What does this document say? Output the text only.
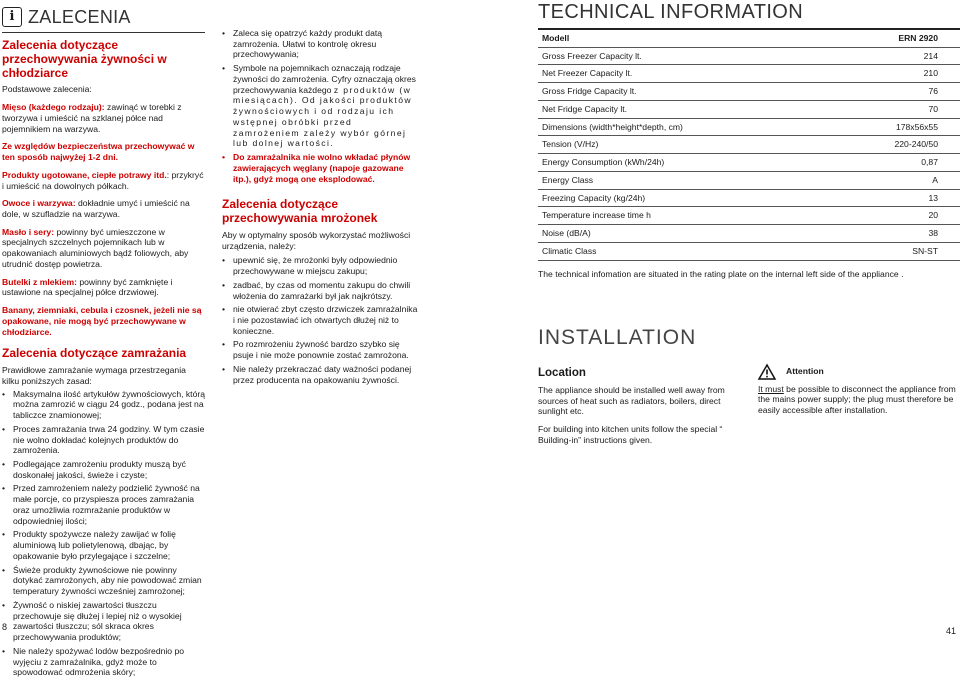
i ZALECENIA
Zalecenia dotyczące przechowywania żywności w chłodziarce

Podstawowe zalecenia:

Mięso (każdego rodzaju): zawinąć w torebki z tworzywa i umieścić na szklanej półce nad pojemnikiem na warzywa.

Ze względów bezpieczeństwa przechowywać w ten sposób najwyżej 1-2 dni.

Produkty ugotowane, ciepłe potrawy itd.: przykryć i umieścić na dowolnych półkach.

Owoce i warzywa: dokładnie umyć i umieścić na dole, w szufladzie na warzywa.

Masło i sery: powinny być umieszczone w specjalnych szczelnych pojemnikach lub w opakowaniach aluminiowych bądź foliowych, aby utrudnić dostęp powietrza.

Butelki z mlekiem: powinny być zamknięte i ustawione na specjalnej półce drzwiowej.

Banany, ziemniaki, cebula i czosnek, jeżeli nie są opakowane, nie mogą być przechowywane w chłodziarce.

Zalecenia dotyczące zamrażania

Prawidłowe zamrażanie wymaga przestrzegania kilku poniższych zasad:

• Maksymalna ilość artykułów żywnościowych, którą można zamrozić w ciągu 24 godz., podana jest na tabliczce znamionowej;
• Proces zamrażania trwa 24 godziny. W tym czasie nie wolno dokładać kolejnych produktów do zamrożenia.
• Podlegające zamrożeniu produkty muszą być doskonałej jakości, świeże i czyste;
• Przed zamrożeniem należy podzielić żywność na małe porcje, co przyspiesza proces zamrażania oraz umożliwia rozmrażanie produktów w odpowiedniej ilości;
• Produkty spożywcze należy zawijać w folię aluminiową lub polietylenową, dbając, by opakowanie było przylegające i szczelne;
• Świeże produkty żywnościowe nie powinny dotykać zamrożonych, aby nie powodować zmian temperatury żywności wcześniej zamrożonej;
• Żywność o niskiej zawartości tłuszczu przechowuje się dłużej i lepiej niż o wysokiej zawartości tłuszczu; sól skraca okres przechowywania produktów;
• Nie należy spożywać lodów bezpośrednio po wyjęciu z zamrażalnika, gdyż może to spowodować odmrożenia skóry;
8
• Zaleca się opatrzyć każdy produkt datą zamrożenia. Ułatwi to kontrolę okresu przechowywania;
• Symbole na pojemnikach oznaczają rodzaje żywności do zamrożenia. Cyfry oznaczają okres przechowywania każdego z produktów (w miesiącach). Od jakości produktów żywnościowych i od rodzaju ich wstępnej obróbki przed zamrożeniem zależy wybór górnej lub dolnej wartości.
• Do zamrażalnika nie wolno wkładać płynów zawierających węglany (napoje gazowane itp.), gdyż mogą one eksplodować.
Zalecenia dotyczące przechowywania mrożonek

Aby w optymalny sposób wykorzystać możliwości urządzenia, należy:

• upewnić się, że mrożonki były odpowiednio przechowywane w miejscu zakupu;
• zadbać, by czas od momentu zakupu do chwili włożenia do zamrażarki był jak najkrótszy.
• nie otwierać zbyt często drzwiczek zamrażalnika i nie pozostawiać ich otwartych dłużej niż to konieczne.
• Po rozmrożeniu żywność bardzo szybko się psuje i nie może ponownie zostać zamrożona.
• Nie należy przekraczać daty ważności podanej przez producenta na opakowaniu żywności.
TECHNICAL INFORMATION
Modell	ERN 2920
Gross Freezer Capacity lt.	214
Net Freezer Capacity lt.	210
Gross Fridge Capacity lt.	76
Net Fridge Capacity lt.	70
Dimensions (width*height*depth, cm)	178x56x55
Tension (V/Hz)	220-240/50
Energy Consumption (kWh/24h)	0,87
Energy Class	A
Freezing Capacity (kg/24h)	13
Temperature increase time h	20
Noise (dB/A)	38
Climatic Class	SN-ST
The technical infomation are situated in the rating plate on the internal left side of the appliance .
INSTALLATION
Location

The appliance should be installed well away from sources of heat such as radiators, boilers, direct sunlight etc.

For building into kitchen units follow the special “ Building-in” instructions given.

Attention

It must be possible to disconnect the appliance from the mains power supply; the plug must therefore be easily accessible after installation.

41
